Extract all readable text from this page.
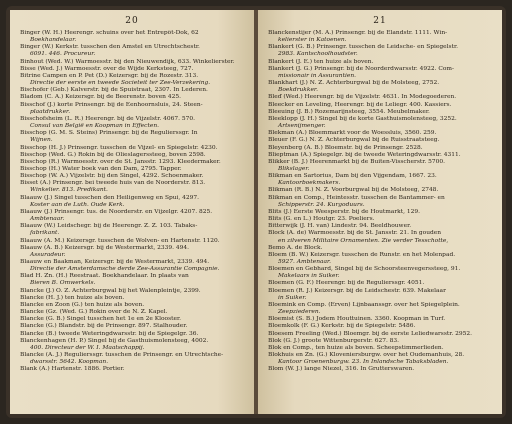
20
Binger (W. H.) Heerengr. schuins over het Entrepôt-Dok, 62
Boekhandelaar.
Binger (W.) Kerkstr. tusschen den Amstel en Utrechtschestr.
6091. 446. Procureur.
Binhout (Wed. W.) Warmoesstr. bij den Nieuwendijk, 633. Winkelierster.
Bisse (Wed. J.) Warmoesstr. over de Wijde Kerksteeg, 727.
Bitrine Campen en P. Pet (D.) Keizersgr. bij de Rozestr. 313.
Directie der eerste en tweede Societeit ter Zee-Verzekering.
Bischofer (Geb.) Kalverstr. bij de Spuistraat, 2307. In Lederen.
Bladom (C. A.) Keizersgr. bij de Beerenstr. boven 425.
Bisschof (J.) korte Prinsengr. bij de Eenhoornsluis, 24. Steen-
plaatdrukker.
Bisschofsheim (L. R.) Heerengr. bij de Vijzelstr. 4067. 570.
Consul van België en Koopman in Effecten.
Bisschop (G. M. S. Steins) Prinsengr. bij de Regulierssgr. In
Wijnen.
Bisschop (H. J.) Prinsengr. tusschen de Vijzel- en Spiegelstr. 4230.
Bisschop (Wed. G.) Rokin bij de Olieslagerssteeg, boven 2598.
Bisschop (R.) Warmoesstr. over de St. Jansstr. 1293. Kleedermaker.
Bisschop (H.) Water boek van den Dam, 2795. Tapper.
Bisschop (W. A.) Vijzelstr. bij den Singel, 4292. Schoenmaker.
Bisset (A.) Prinsengr. bei tweede huis van de Noorderstr. 813.
Winkelier. 813. Predikant.
Blaauw (J.) Singel tusschen den Heiligenweg en Spui, 4297.
Koster aan de Luth. Oude Kerk.
Blaauw (J.) Prinsengr. tus. de Noorderstr. en Vijzelgr. 4207. 825.
Ambtenaar.
Blaauw (W.) Leidschegr. bij de Heerengr. Z. Z. 103. Tabaks-
fabrikant.
Blaauw (A. M.) Keizersgr. tusschen de Wolven- en Hartenstr. 1120.
Blaauw (A. B.) Keizersgr. bij de Westermarkt, 2339. 494.
Assuradeur.
Blaauw en Baakman, Keizersgr. bij de Westermarkt, 2339. 494.
Directie der Amsterdamsche derde Zee-Assurantie Compagnie.
Blad H. Zn. (H.) Reestraat. Boekhandelaar. In plaats van
Bieren B. Omwerkels.
Blancke (J.) O. Z. Achterburgwal bij het Walenpleintje, 2399.
Blancke (H. J.) ten huize als boven.
Blancke en Zoon (G.) ten huize als boven.
Blancke (Gz. (Wed. G.) Rokin over de N. Z. Kapel.
Blancke (G. B.) Singel tusschen het 1e en 2e Klooster.
Blancke (G.) Blandstr. bij de Prinsengr. 897. Stalhouder.
Blancke (B.) tweede Weteringdwarsstr. bij de Spiegelgr. 36.
Blanckenhagen (H. P.) Singel bij de Gasthuismolensteeg, 4002.
400. Directeur der W. I. Maatschappij.
Blancke (A. J.) Regulierssgr. tusschen de Prinsengr. en Utrechtsche-
dwarsstr. 5642. Koopman.
Blank (A.) Hartenstr. 1886. Portier.
21
Blanckenstijer (M. A.) Prinsengr. bij de Elandstr. 1111. Win-
kelierster in Katoenen.
Blankert (G. B.) Prinsengr. tusschen de Leidsche- en Spiegelstr.
2983. Kantschoolhoudster.
Blankert (J. E.) ten huize als boven.
Blankert (J. G.) Prinsengr. bij de Noorderdwarsstr. 4922. Com-
missionair in Assurantien.
Blankhart (J.) N. Z. Achterburgwal bij de Molsteeg, 2752.
Boekdrukker.
Bleď (Wed.) Heerengr. bij de Vijzelstr. 4631. In Modegoederen.
Bleecker en Leveling, Heerengr. bij de Leliegr. 400. Kassiers.
Bleeuing (J. B.) Rozemarijnsteeg, 3554. Meubelmaker.
Bleeklopp (J. H.) Singel bij de korte Gasthuismolensteeg, 3252.
Artsenijmenger.
Blekman (A.) Bloemmarkt voor de Woessluis, 3560. 259.
Bleuer (F. G.) N. Z. Achterburgwal bij de Ruisstraatsteeg.
Bleyenberg (A. B.) Bloemstr. bij de Prinsengr. 2528.
Blieptman (A.) Spiegelgr. bij de tweede Weteringdwarsstr. 4311.
Blikker (B. J.) Heerenmarkt bij de Buiten-Visscherstr. 5700.
Blikslager.
Blikman en Sartorius, Dam bij den Vijgendam, 1667. 23.
Kantoorboekmakers.
Blikman (R. B.) N. Z. Voorburgwal bij de Molsteeg, 2748.
Blikman en Comp., Heintesstr. tusschen de Bantammer- en
Schipperstr. 24. Kurgoduurs.
Blits (J.) Eerste Weesperstr. bij de Houtmarkt, 129.
Blits (G. en L.) Houtgr. 23. Poeliers.
Bitterwijk (J. H. van) Lindestr. 94. Beeldhouwer.
Block (A. de) Warmoesstr. bij de St. Jansstr. 21. In gouden
en zilveren Militaire Ornamenten. Zie verder Tesschotte,
Bemo A. de Block.
Bloem (B. W.) Keizersgr. tusschen de Runstr. en het Molenpad.
5927. Ambtenaar.
Bloemen en Gebhard, Singel bij de Schoorsteenvegerssteeg, 91.
Makelaars in Suiker.
Bloemen (G. F.) Heerengr. bij de Regulierssgr. 4051.
Bloemen (R. J.) Keizersgr. bij de Leidschestr. 639. Makelaar
in Suiker.
Bloemink en Comp. (Erven) Lijnbaanssgr. over het Spiegelplein.
Zeepziederen.
Bloemist (S. B.) Jodem Houttuinen. 3360. Koopman in Turf.
Bloemkolk (F. G.) Kerkstr. bij de Spiegelstr. 5486.
Bloesem Freeling (Wed.) Bloemgr. bij de eerste Leliedwarsstr. 2952.
Blok (G. J.) groote Wittenburgerstr. 627. 83.
Blok en Comp., ten huize als boven. Scheepstimmerlieden.
Blokhuis en Zn. (G.) Kloveniersburgw. over het Oudemanhuis, 28.
Kantoor Groenenburgw. 23. In Inlandsche Tabaksbladen.
Blom (W. J.) lange Niezel, 316. In Grutterswaren.
